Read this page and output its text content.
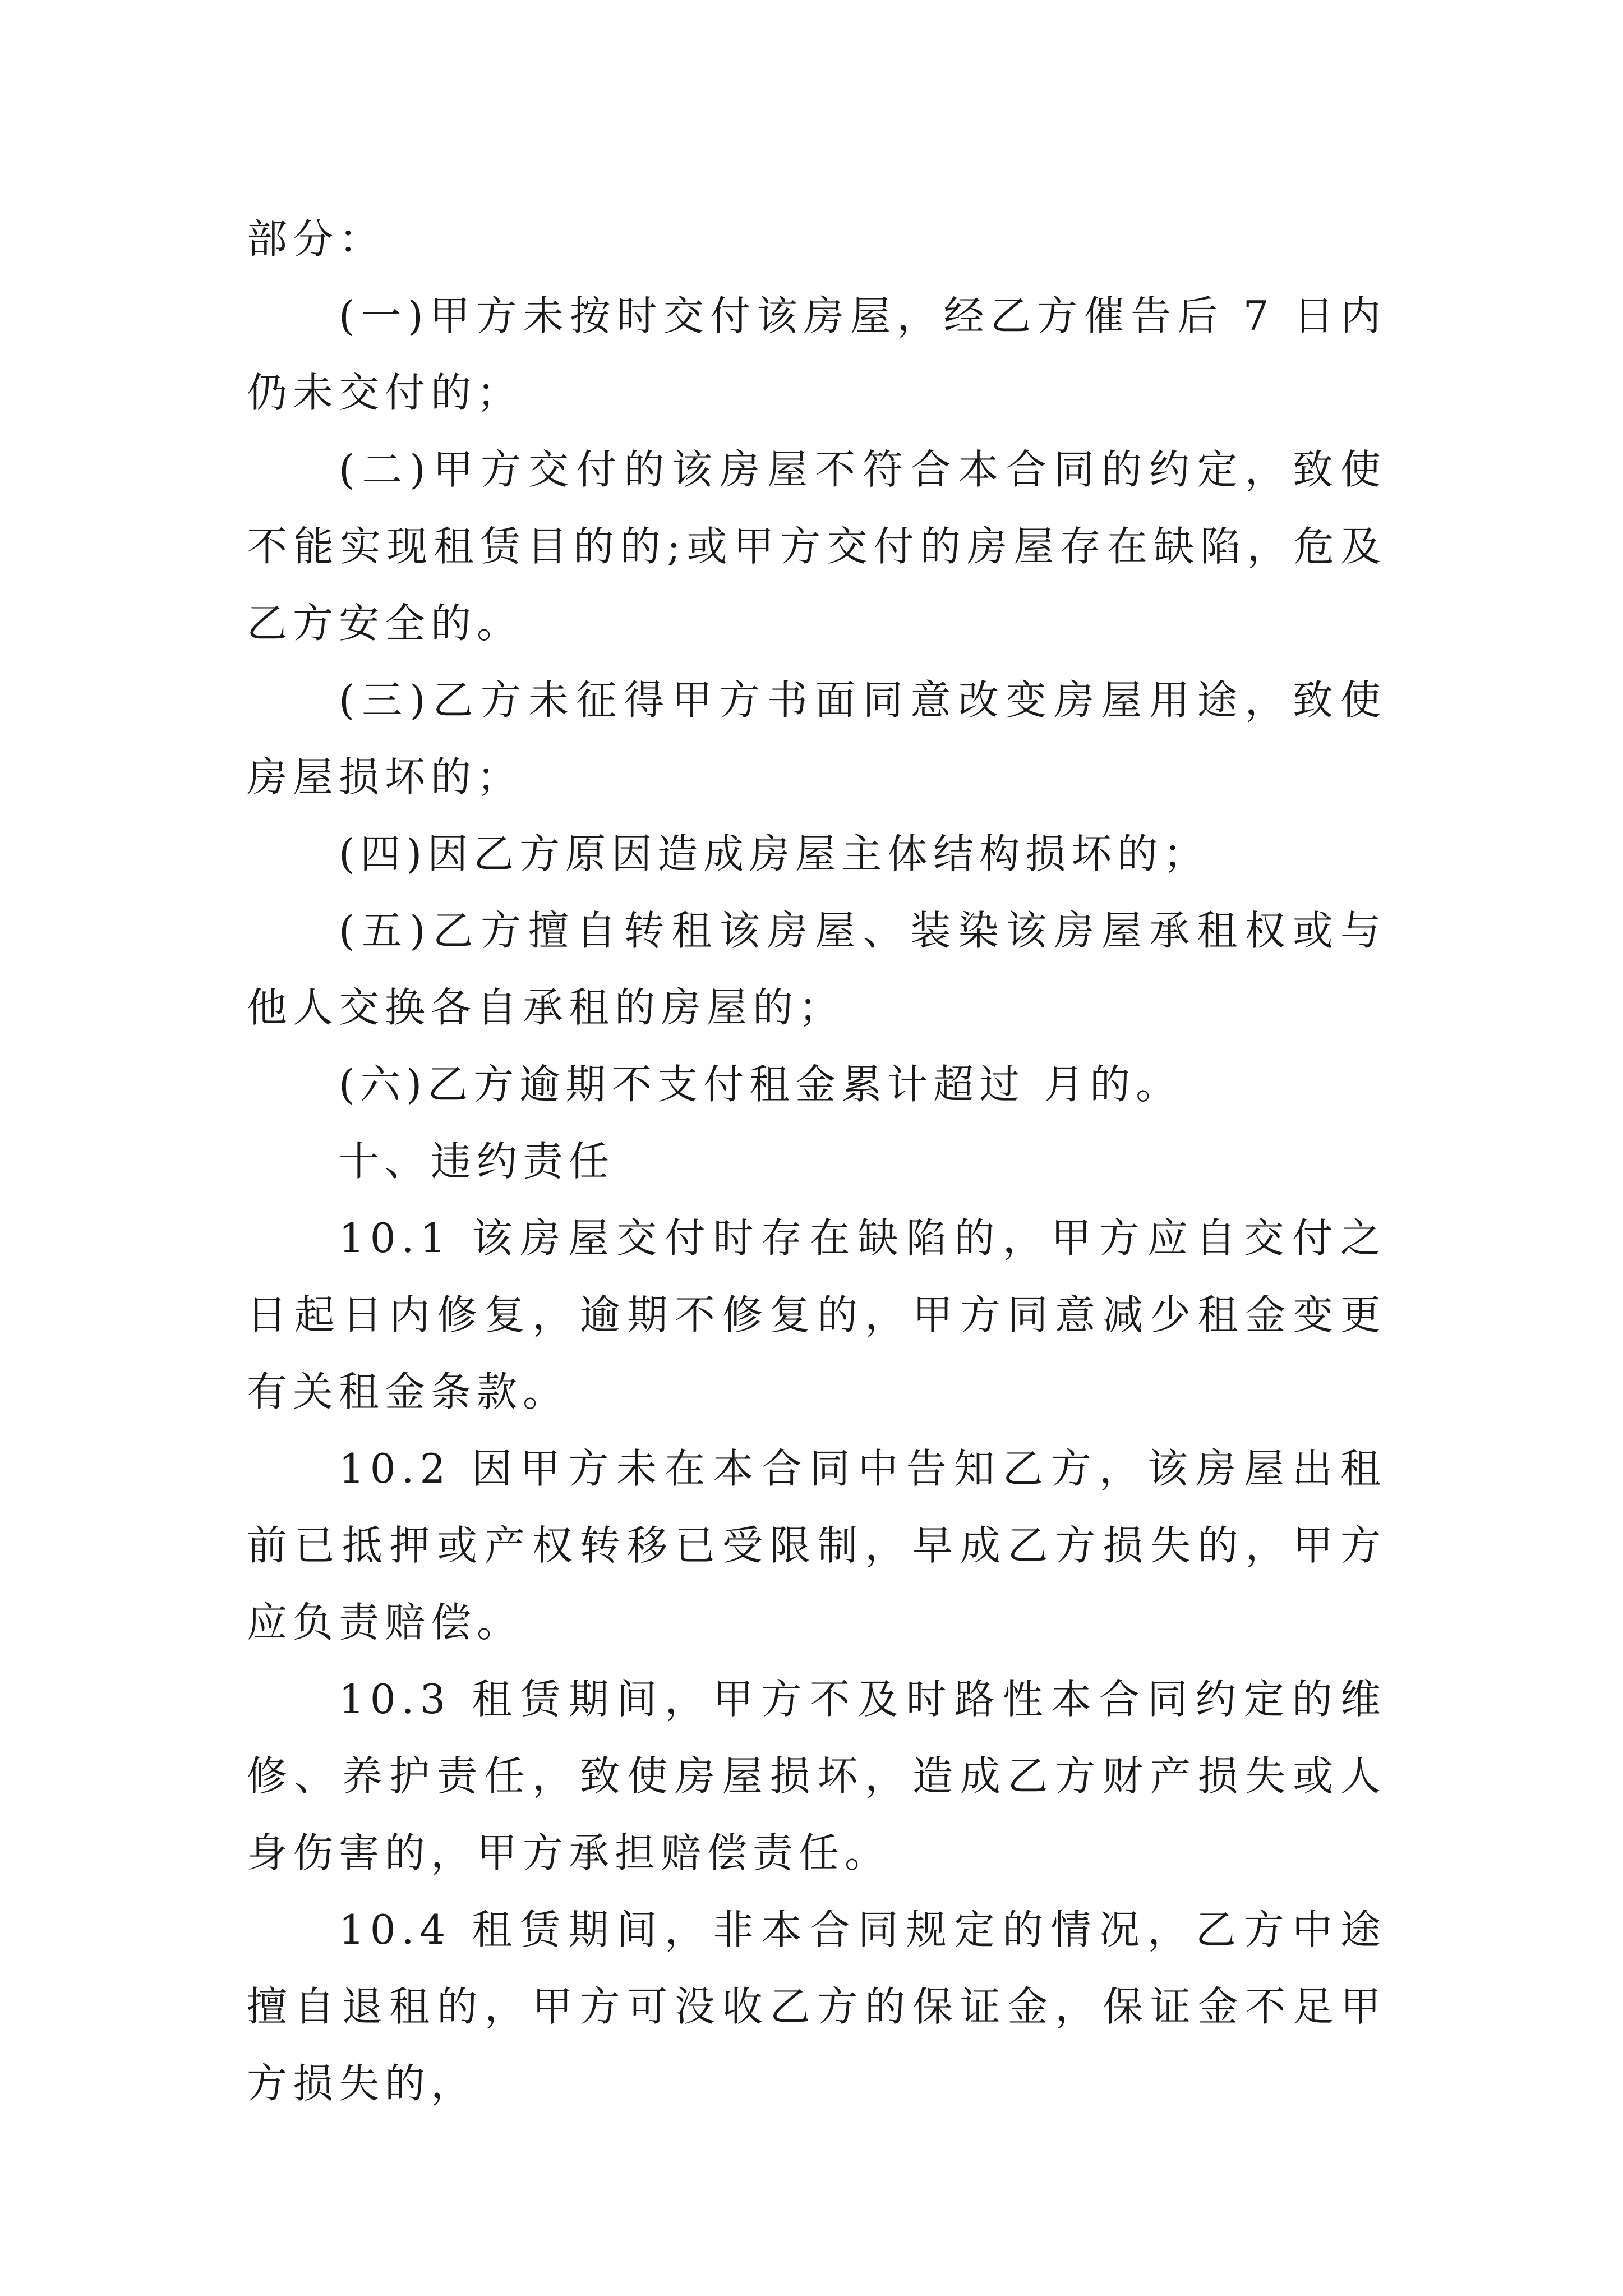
部分：

(一)甲方未按时交付该房屋，经乙方催告后 7 日内仍未交付的；

(二)甲方交付的该房屋不符合本合同的约定，致使不能实现租赁目的的;或甲方交付的房屋存在缺陷，危及乙方安全的。

(三)乙方未征得甲方书面同意改变房屋用途，致使房屋损坏的；

(四)因乙方原因造成房屋主体结构损坏的；

(五)乙方擅自转租该房屋、装染该房屋承租权或与他人交换各自承租的房屋的；

(六)乙方逾期不支付租金累计超过 月的。

十、违约责任

10.1 该房屋交付时存在缺陷的，甲方应自交付之日起日内修复，逾期不修复的，甲方同意减少租金变更有关租金条款。

10.2 因甲方未在本合同中告知乙方，该房屋出租前已抵押或产权转移已受限制，早成乙方损失的，甲方应负责赔偿。

10.3 租赁期间，甲方不及时路性本合同约定的维修、养护责任，致使房屋损坏，造成乙方财产损失或人身伤害的，甲方承担赔偿责任。

10.4 租赁期间，非本合同规定的情况，乙方中途擅自退租的，甲方可没收乙方的保证金，保证金不足甲方损失的，
